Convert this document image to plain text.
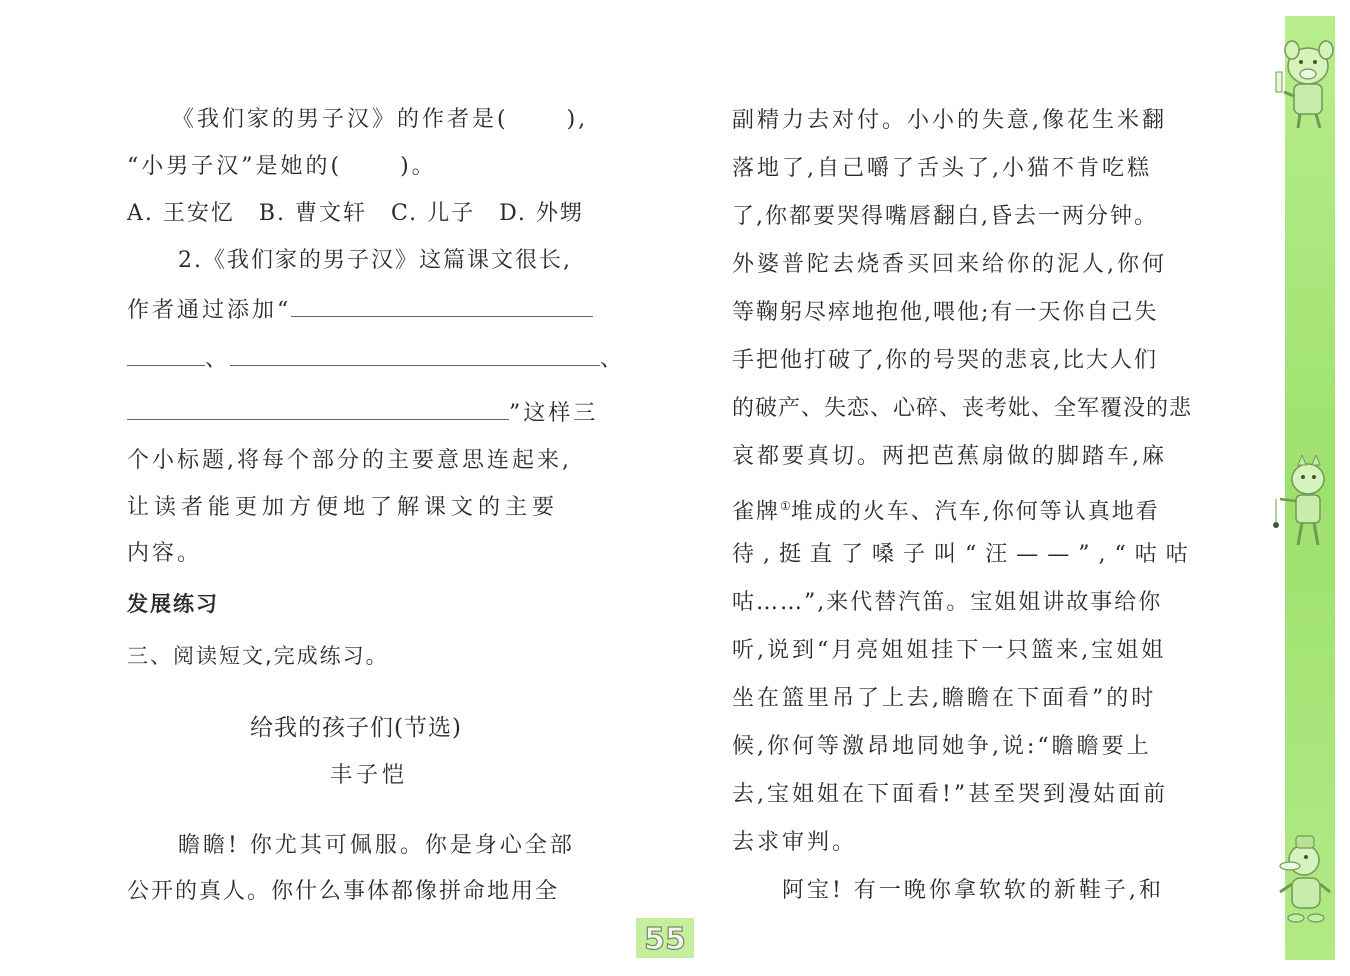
《我们家的男子汉》的作者是(	),
“小男子汉”是她的(	)。
A. 王安忆　B. 曹文轩　C. 儿子　D. 外甥
2.《我们家的男子汉》这篇课文很长,
作者通过添加“
、	、
”这样三
个小标题,将每个部分的主要意思连起来,
让读者能更加方便地了解课文的主要
内容。
发展练习
三、阅读短文,完成练习。
给我的孩子们(节选)
丰子恺
瞻瞻! 你尤其可佩服。你是身心全部
公开的真人。你什么事体都像拼命地用全
副精力去对付。小小的失意,像花生米翻
落地了,自己嚼了舌头了,小猫不肯吃糕
了,你都要哭得嘴唇翻白,昏去一两分钟。
外婆普陀去烧香买回来给你的泥人,你何
等鞠躬尽瘁地抱他,喂他;有一天你自己失
手把他打破了,你的号哭的悲哀,比大人们
的破产、失恋、心碎、丧考妣、全军覆没的悲
哀都要真切。两把芭蕉扇做的脚踏车,麻
雀牌①堆成的火车、汽车,你何等认真地看
待,挺直了嗓子叫“汪——”,“咕咕
咕……”,来代替汽笛。宝姐姐讲故事给你
听,说到“月亮姐姐挂下一只篮来,宝姐姐
坐在篮里吊了上去,瞻瞻在下面看”的时
候,你何等激昂地同她争,说:“瞻瞻要上
去,宝姐姐在下面看!”甚至哭到漫姑面前
去求审判。
阿宝! 有一晚你拿软软的新鞋子,和
55
